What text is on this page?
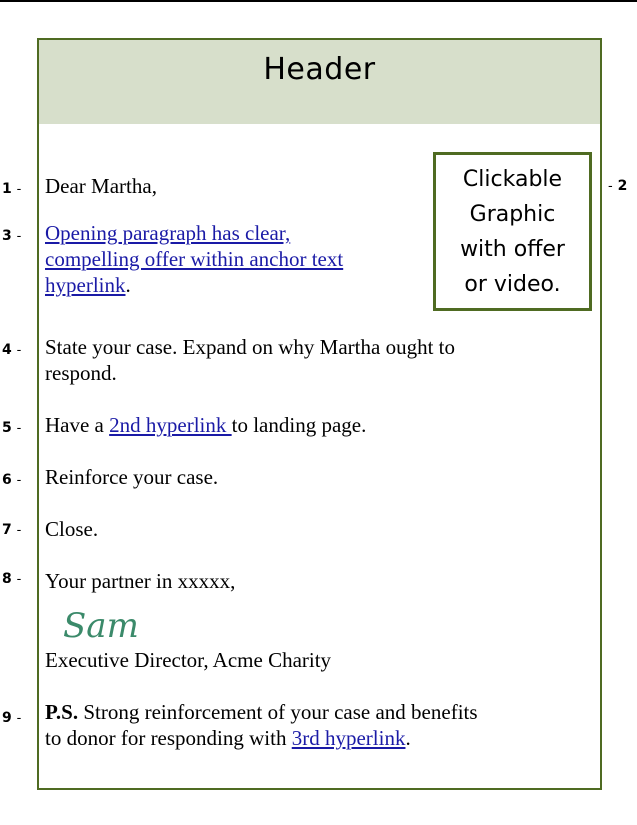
1 -	- 2
3 -
4 -
5 -
6 -
7 -
8 -
9 -
Header
Clickable
Graphic
with offer
or video.
Dear Martha,
Opening paragraph has clear,
compelling offer within anchor text
hyperlink.
State your case. Expand on why Martha ought to
respond.
Have a 2nd hyperlink to landing page.
Reinforce your case.
Close.
Your partner in xxxxx,
Sam
Executive Director, Acme Charity
P.S. Strong reinforcement of your case and benefits
to donor for responding with 3rd hyperlink.
